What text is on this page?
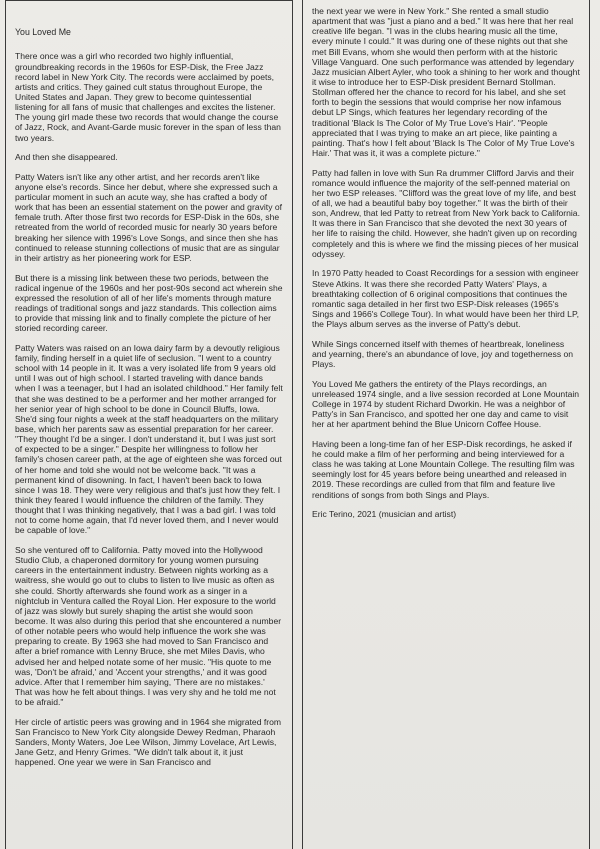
You Loved Me

There once was a girl who recorded two highly influential, groundbreaking records in the 1960s for ESP-Disk, the Free Jazz record label in New York City. The records were acclaimed by poets, artists and critics. They gained cult status throughout Europe, the United States and Japan. They grew to become quintessential listening for all fans of music that challenges and excites the listener. The young girl made these two records that would change the course of Jazz, Rock, and Avant-Garde music forever in the span of less than two years.

And then she disappeared.

Patty Waters isn't like any other artist, and her records aren't like anyone else's records. Since her debut, where she expressed such a particular moment in such an acute way, she has crafted a body of work that has been an essential statement on the power and gravity of female truth. After those first two records for ESP-Disk in the 60s, she retreated from the world of recorded music for nearly 30 years before breaking her silence with 1996's Love Songs, and since then she has continued to release stunning collections of music that are as singular in their artistry as her pioneering work for ESP.

But there is a missing link between these two periods, between the radical ingenue of the 1960s and her post-90s second act wherein she expressed the resolution of all of her life's moments through mature readings of traditional songs and jazz standards. This collection aims to provide that missing link and to finally complete the picture of her storied recording career.

Patty Waters was raised on an Iowa dairy farm by a devoutly religious family, finding herself in a quiet life of seclusion. "I went to a country school with 14 people in it. It was a very isolated life from 9 years old until I was out of high school. I started traveling with dance bands when I was a teenager, but I had an isolated childhood." Her family felt that she was destined to be a performer and her mother arranged for her senior year of high school to be done in Council Bluffs, Iowa. She'd sing four nights a week at the staff headquarters on the military base, which her parents saw as essential preparation for her career. "They thought I'd be a singer. I don't understand it, but I was just sort of expected to be a singer." Despite her willingness to follow her family's chosen career path, at the age of eighteen she was forced out of her home and told she would not be welcome back. "It was a permanent kind of disowning. In fact, I haven't been back to Iowa since I was 18. They were very religious and that's just how they felt. I think they feared I would influence the children of the family. They thought that I was thinking negatively, that I was a bad girl. I was told not to come home again, that I'd never loved them, and I never would be capable of love."

So she ventured off to California. Patty moved into the Hollywood Studio Club, a chaperoned dormitory for young women pursuing careers in the entertainment industry. Between nights working as a waitress, she would go out to clubs to listen to live music as often as she could. Shortly afterwards she found work as a singer in a nightclub in Ventura called the Royal Lion. Her exposure to the world of jazz was slowly but surely shaping the artist she would soon become. It was also during this period that she encountered a number of other notable peers who would help influence the work she was preparing to create. By 1963 she had moved to San Francisco and after a brief romance with Lenny Bruce, she met Miles Davis, who advised her and helped notate some of her music. "His quote to me was, 'Don't be afraid,' and 'Accent your strengths,' and it was good advice. After that I remember him saying, 'There are no mistakes.' That was how he felt about things. I was very shy and he told me not to be afraid."

Her circle of artistic peers was growing and in 1964 she migrated from San Francisco to New York City alongside Dewey Redman, Pharaoh Sanders, Monty Waters, Joe Lee Wilson, Jimmy Lovelace, Art Lewis, Jane Getz, and Henry Grimes. "We didn't talk about it, it just happened. One year we were in San Francisco and

the next year we were in New York." She rented a small studio apartment that was "just a piano and a bed." It was here that her real creative life began. "I was in the clubs hearing music all the time, every minute I could." It was during one of these nights out that she met Bill Evans, whom she would then perform with at the historic Village Vanguard. One such performance was attended by legendary Jazz musician Albert Ayler, who took a shining to her work and thought it wise to introduce her to ESP-Disk president Bernard Stollman. Stollman offered her the chance to record for his label, and she set forth to begin the sessions that would comprise her now infamous debut LP Sings, which features her legendary recording of the traditional 'Black Is The Color of My True Love's Hair'. "People appreciated that I was trying to make an art piece, like painting a painting. That's how I felt about 'Black Is The Color of My True Love's Hair.' That was it, it was a complete picture."

Patty had fallen in love with Sun Ra drummer Clifford Jarvis and their romance would influence the majority of the self-penned material on her two ESP releases. "Clifford was the great love of my life, and best of all, we had a beautiful baby boy together." It was the birth of their son, Andrew, that led Patty to retreat from New York back to California. It was there in San Francisco that she devoted the next 30 years of her life to raising the child. However, she hadn't given up on recording completely and this is where we find the missing pieces of her musical odyssey.

In 1970 Patty headed to Coast Recordings for a session with engineer Steve Atkins. It was there she recorded Patty Waters' Plays, a breathtaking collection of 6 original compositions that continues the romantic saga detailed in her first two ESP-Disk releases (1965's Sings and 1966's College Tour). In what would have been her third LP, the Plays album serves as the inverse of Patty's debut.

While Sings concerned itself with themes of heartbreak, loneliness and yearning, there's an abundance of love, joy and togetherness on Plays.

You Loved Me gathers the entirety of the Plays recordings, an unreleased 1974 single, and a live session recorded at Lone Mountain College in 1974 by student Richard Dworkin. He was a neighbor of Patty's in San Francisco, and spotted her one day and came to visit her at her apartment behind the Blue Unicorn Coffee House.

Having been a long-time fan of her ESP-Disk recordings, he asked if he could make a film of her performing and being interviewed for a class he was taking at Lone Mountain College. The resulting film was seemingly lost for 45 years before being unearthed and released in 2019. These recordings are culled from that film and feature live renditions of songs from both Sings and Plays.

Eric Terino, 2021 (musician and artist)
